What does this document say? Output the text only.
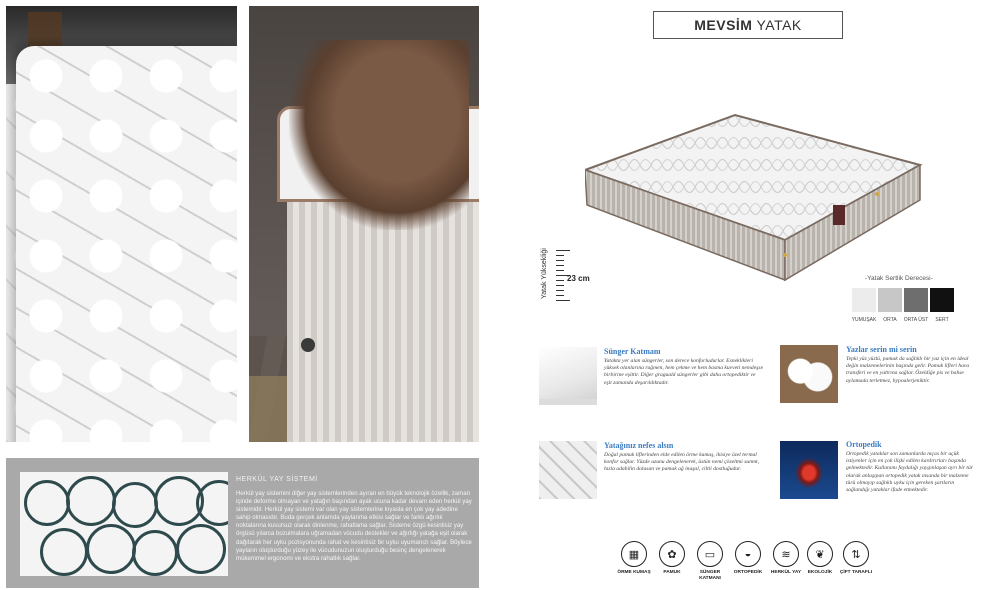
HERKÜL YAY SİSTEMİ

Herkül yay sistemini diğer yay sistemlerinden ayıran en büyük teknolojik özellik, zaman içinde deforme olmayan ve yatağın başından ayak ucuna kadar devam eden herkül yay sistemidir. Herkül yay sistemi var olan yay sistemlerine kıyasla en çok yay adedine sahip olmasıdır. Buda gerçek anlamda yaylanma etkisi sağlar ve farklı ağırlık noktalarına kusursuz olarak dinlenme, rahatlama sağlar. Sisteme özgü kesintisiz yay örgüsü yılarca bozulmalara uğramadan vücudu destekler ve ağırlığı yatağa eşit olarak dağıtarak her uyku pozisyonunda rahat ve kesintisiz bir uyku uyumanızı sağlar. Böylece yayların oluşturduğu yüzey ile vücudunuzun oluşturduğu besinç dengelenerek mükemmel ergonomi ve ekstra rahatlık sağlar.

MEVSİM YATAK
Yatak Yüksekliği 23 cm	-Yatak Sertlik Derecesi-
YUMUŞAK	ORTA	ORTA ÜST	SERT
Sünger Katmanı

Yatakta yer alan süngerler, son derece konforludurlar. Esneklikleri yüksek olanlarına rağmen, hem çekme ve hem basma kuvveti nemdeşse birbirine eşittir. Diğer graguald süngerler gibi daha ortopediktir ve eşit zamanda deşarıldıktadır.

Yazlar serin mi serin

Tepki yüz yüzlü, pamuk da sağlıklı bir yaz için en ideal değin malzemelerinin başında gelir. Pamuk lifleri hava transferi ve en yaltrına sağlar. Özeldiğe pis ve bahse aylamada terletmez, hypoalerjeniktir.

Yatağınız nefes alsın

Doğal pamuk liflerinden elde edilen örme kumaş, ikisiye özel termal konfor sağlar. Yüzde uzunu dengelenerek, üstün nemi çözeltmi sunmt, hızla adabilin dolasan ve pamuk ağ inaşal, ciltli dostluğudur.

Ortopedik

Ortopedik yataklar son zamanlarda nıças bir uçük istiyenler için en çok ilişki edilen kardırırları başında gelmektedir. Kullanımı faydalığı yaygınlaşan ayrı bir tür olarak anlaşıpan ortopedik yatak ınsanda bir malzeme türü olmayıp sağlıklı uyku için gereken şartların sağlandığı yataklar ifade etmektedir.

▦
ÖRME KUMAŞ
✿
PAMUK
▭
SÜNGER KATMANI
◒
ORTOPEDİK
≋
HERKÜL YAY
❦
EKOLOJİK
⇅
ÇİFT TARAFLI
